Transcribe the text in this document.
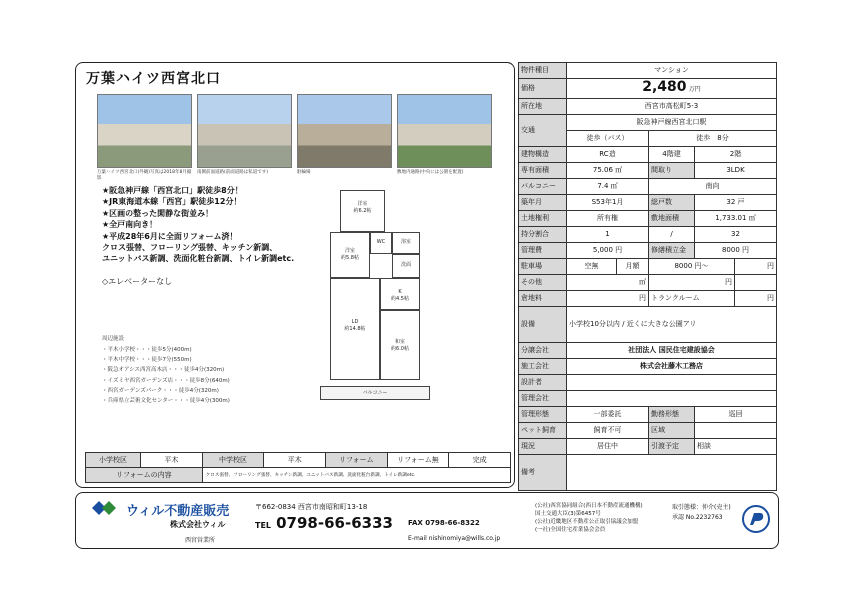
万葉ハイツ西宮北口
万葉ハイツ西宮北口(外観)写真は2018年8月撮影
南側前面道路(前面道路は私道です)	駐輪場	敷地内通路(中央には公園を配置)
★阪急神戸線「西宮北口」駅徒歩8分！
★JR東海道本線「西宮」駅徒歩12分！
★区画の整った閑静な街並み！
★全戸南向き！
★平成28年6月に全面リフォーム済！
クロス張替、フローリング張替、キッチン新調、
ユニットバス新調、洗面化粧台新調、トイレ新調etc.
◇エレベーターなし
周辺施設
・平木小学校・・・徒歩5分(400m)
・平木中学校・・・徒歩7分(550m)
・阪急オアシス西宮高木店・・・徒歩4分(320m)
・イズミヤ西宮ガーデンズ店・・・徒歩8分(640m)
・西宮ガーデンズパーク・・・徒歩4分(320m)
・兵庫県立芸術文化センター・・・徒歩4分(300m)
洋室
約6.2帖
洋室
約5.8帖
LD
約14.8帖
和室
約6.0帖
K
約4.5帖
浴室
洗面
WC
バルコニー
小学校区	平木	中学校区	平木	リフォーム	リフォーム無	完成
リフォームの内容		クロス張替、フローリング張替、キッチン新調、ユニットバス新調、洗面化粧台新調、トイレ新調etc.				
物件種目	マンション				
価格	2,480 万円				
所在地	西宮市高松町5-3				
交通	阪急神戸線西宮北口駅				
	徒歩（バス）		徒歩　8分		
建物構造	RC造		4階建	2階	
専有面積	75.06 ㎡		間取り	3LDK	
バルコニー	7.4 ㎡		南向		
築年月	S53年1月		総戸数	32 戸	
土地権利	所有権		敷地面積	1,733.01 ㎡	
持分割合	1		/	32	
管理費	5,000 円		修繕積立金	8000 円	
駐車場	空無	月額	8000 円～		円
その他	㎡		円		
倉地料	円		トランクルーム		円
設備	小学校10分以内 / 近くに大きな公園アリ				
分譲会社	社団法人 国民住宅建設協会				
施工会社	株式会社藤木工務店				
設計者					
管理会社					
管理形態	一部委託		勤務形態	巡回	
ペット飼育	飼育不可		区域		
現況	居住中		引渡予定	相談	
備考					
ウィル不動産販売
株式会社ウィル
西宮営業所
〒662-0834 西宮市南昭和町13-18
TEL 0798-66-6333 FAX 0798-66-8322
E-mail nishinomiya@wills.co.jp
(公社)西宮協同組合(西日本不動産流通機構)
国土交通大臣(3)第6457号
(公社)近畿地区不動産公正取引協議会加盟
(一社)全国住宅産業協会会員
取引態様：仲介(売主)
承認 No.2232763
